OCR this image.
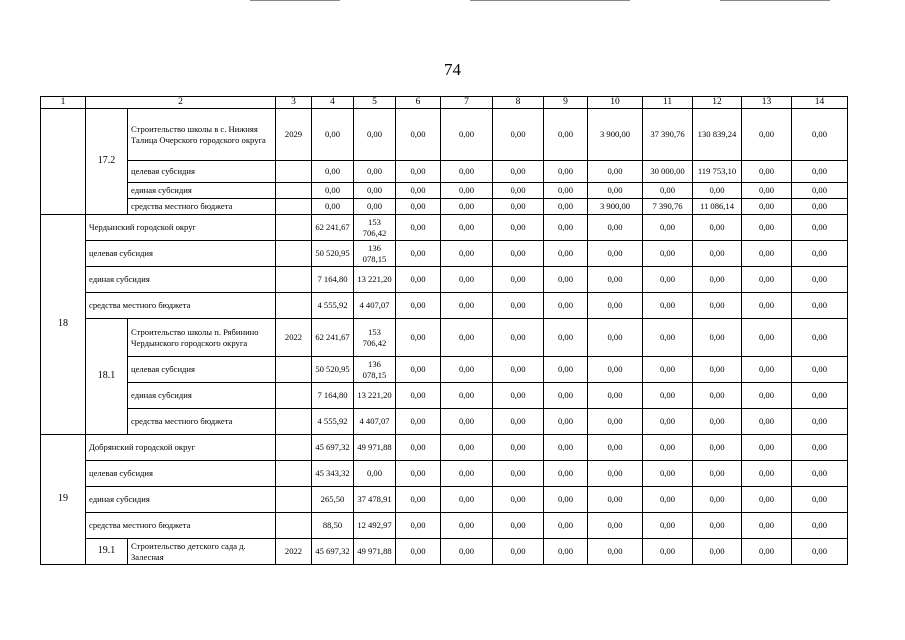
74
1	2		3	4	5	6	7	8	9	10	11	12	13	14
	17.2	Строительство школы в с. Нижняя Талица Очерского городского округа	2029	0,00	0,00	0,00	0,00	0,00	0,00	3 900,00	37 390,76	130 839,24	0,00	0,00
		целевая субсидия		0,00	0,00	0,00	0,00	0,00	0,00	0,00	30 000,00	119 753,10	0,00	0,00
		единая субсидия		0,00	0,00	0,00	0,00	0,00	0,00	0,00	0,00	0,00	0,00	0,00
		средства местного бюджета		0,00	0,00	0,00	0,00	0,00	0,00	3 900,00	7 390,76	11 086,14	0,00	0,00
18	Чердынский городской округ			62 241,67	153 706,42	0,00	0,00	0,00	0,00	0,00	0,00	0,00	0,00	0,00
	целевая субсидия			50 520,95	136 078,15	0,00	0,00	0,00	0,00	0,00	0,00	0,00	0,00	0,00
	единая субсидия			7 164,80	13 221,20	0,00	0,00	0,00	0,00	0,00	0,00	0,00	0,00	0,00
	средства местного бюджета			4 555,92	4 407,07	0,00	0,00	0,00	0,00	0,00	0,00	0,00	0,00	0,00
	18.1	Строительство школы п. Рябинино Чердынского городского округа	2022	62 241,67	153 706,42	0,00	0,00	0,00	0,00	0,00	0,00	0,00	0,00	0,00
		целевая субсидия		50 520,95	136 078,15	0,00	0,00	0,00	0,00	0,00	0,00	0,00	0,00	0,00
		единая субсидия		7 164,80	13 221,20	0,00	0,00	0,00	0,00	0,00	0,00	0,00	0,00	0,00
		средства местного бюджета		4 555,92	4 407,07	0,00	0,00	0,00	0,00	0,00	0,00	0,00	0,00	0,00
19	Добрянский городской округ			45 697,32	49 971,88	0,00	0,00	0,00	0,00	0,00	0,00	0,00	0,00	0,00
	целевая субсидия			45 343,32	0,00	0,00	0,00	0,00	0,00	0,00	0,00	0,00	0,00	0,00
	единая субсидия			265,50	37 478,91	0,00	0,00	0,00	0,00	0,00	0,00	0,00	0,00	0,00
	средства местного бюджета			88,50	12 492,97	0,00	0,00	0,00	0,00	0,00	0,00	0,00	0,00	0,00
	19.1	Строительство детского сада д. Залесная	2022	45 697,32	49 971,88	0,00	0,00	0,00	0,00	0,00	0,00	0,00	0,00	0,00
